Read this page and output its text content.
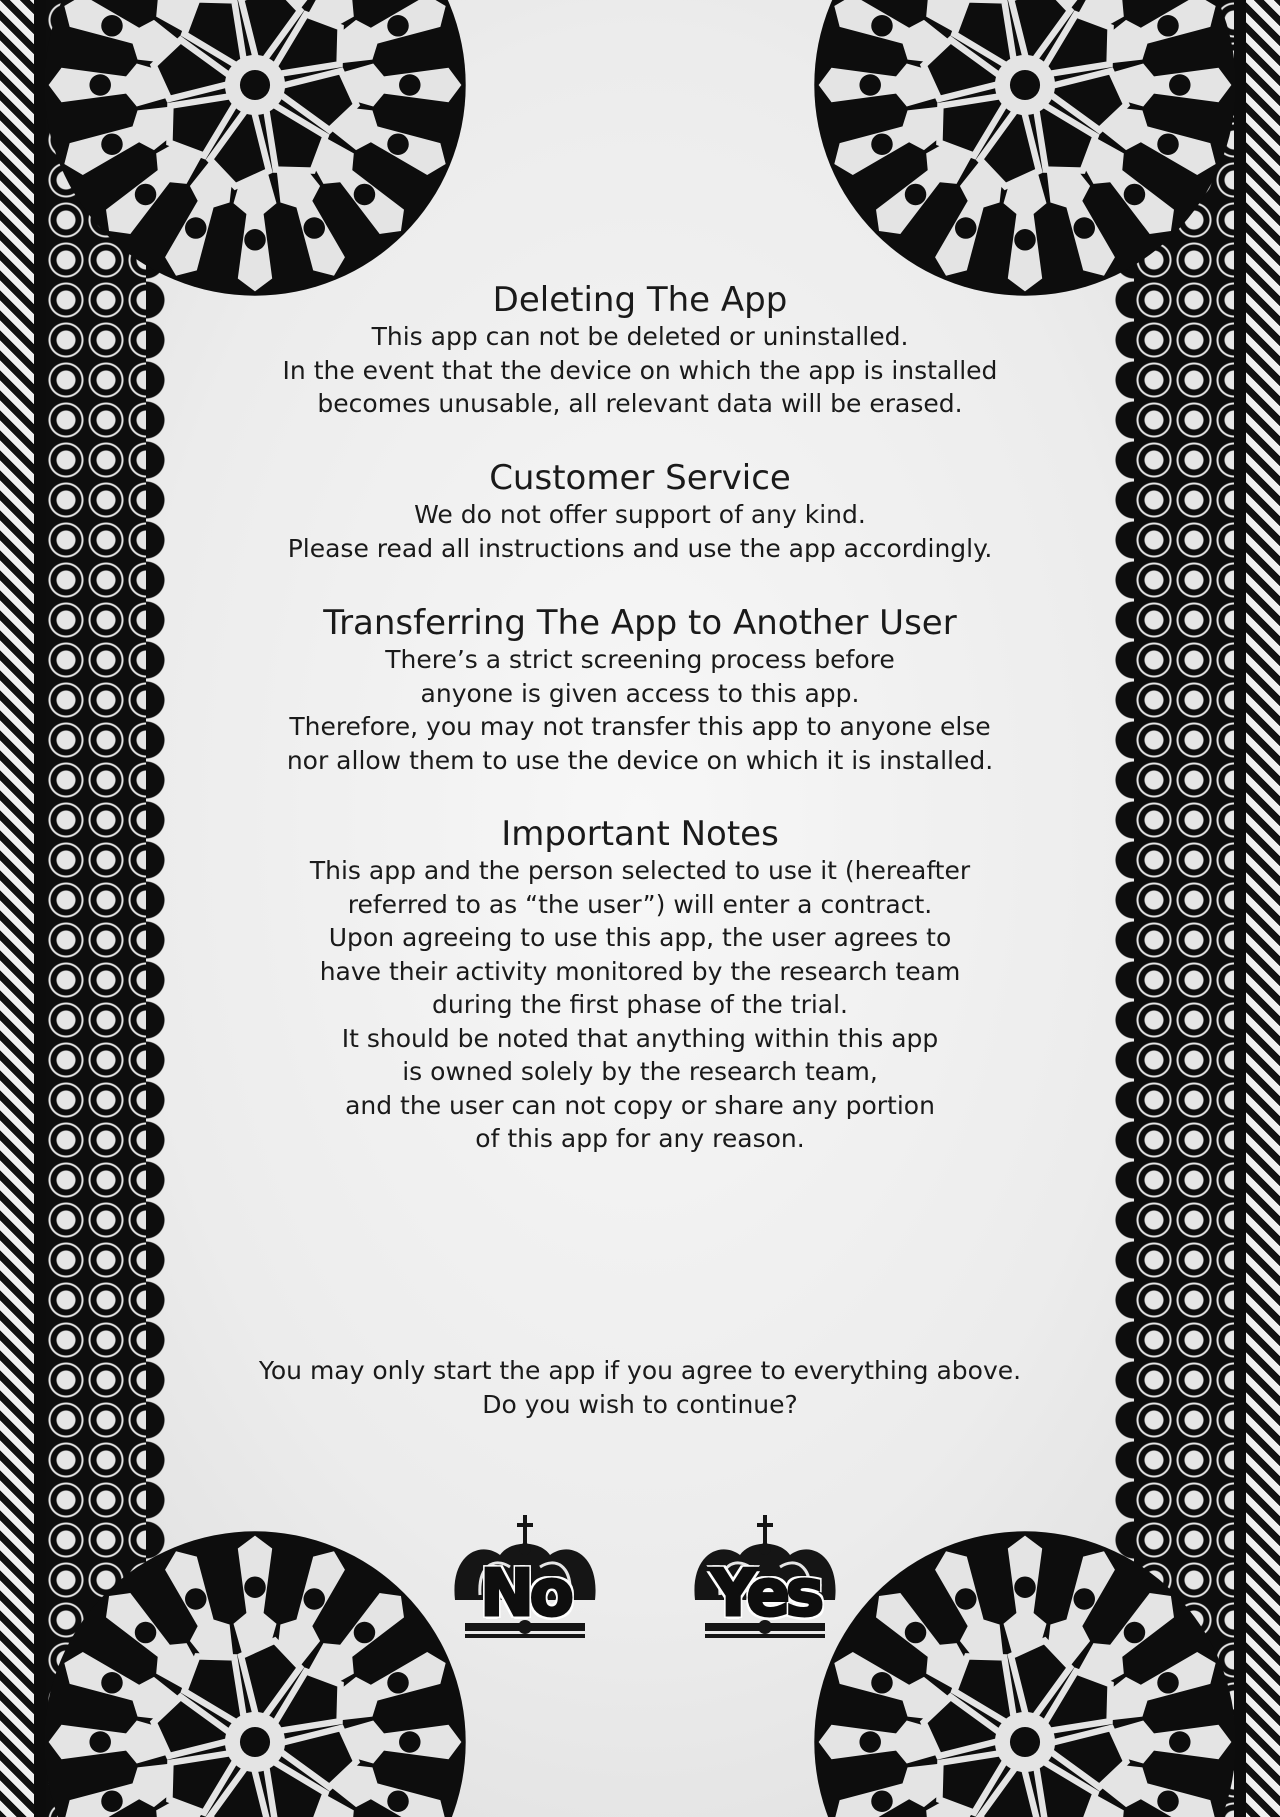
Deleting The App
This app can not be deleted or uninstalled.
In the event that the device on which the app is installed
becomes unusable, all relevant data will be erased.
Customer Service
We do not offer support of any kind.
Please read all instructions and use the app accordingly.
Transferring The App to Another User
There’s a strict screening process before
anyone is given access to this app.
Therefore, you may not transfer this app to anyone else
nor allow them to use the device on which it is installed.
Important Notes
This app and the person selected to use it (hereafter
referred to as “the user”) will enter a contract.
Upon agreeing to use this app, the user agrees to
have their activity monitored by the research team
during the first phase of the trial.
It should be noted that anything within this app
is owned solely by the research team,
and the user can not copy or share any portion
of this app for any reason.
You may only start the app if you agree to everything above.
Do you wish to continue?
No	Yes
